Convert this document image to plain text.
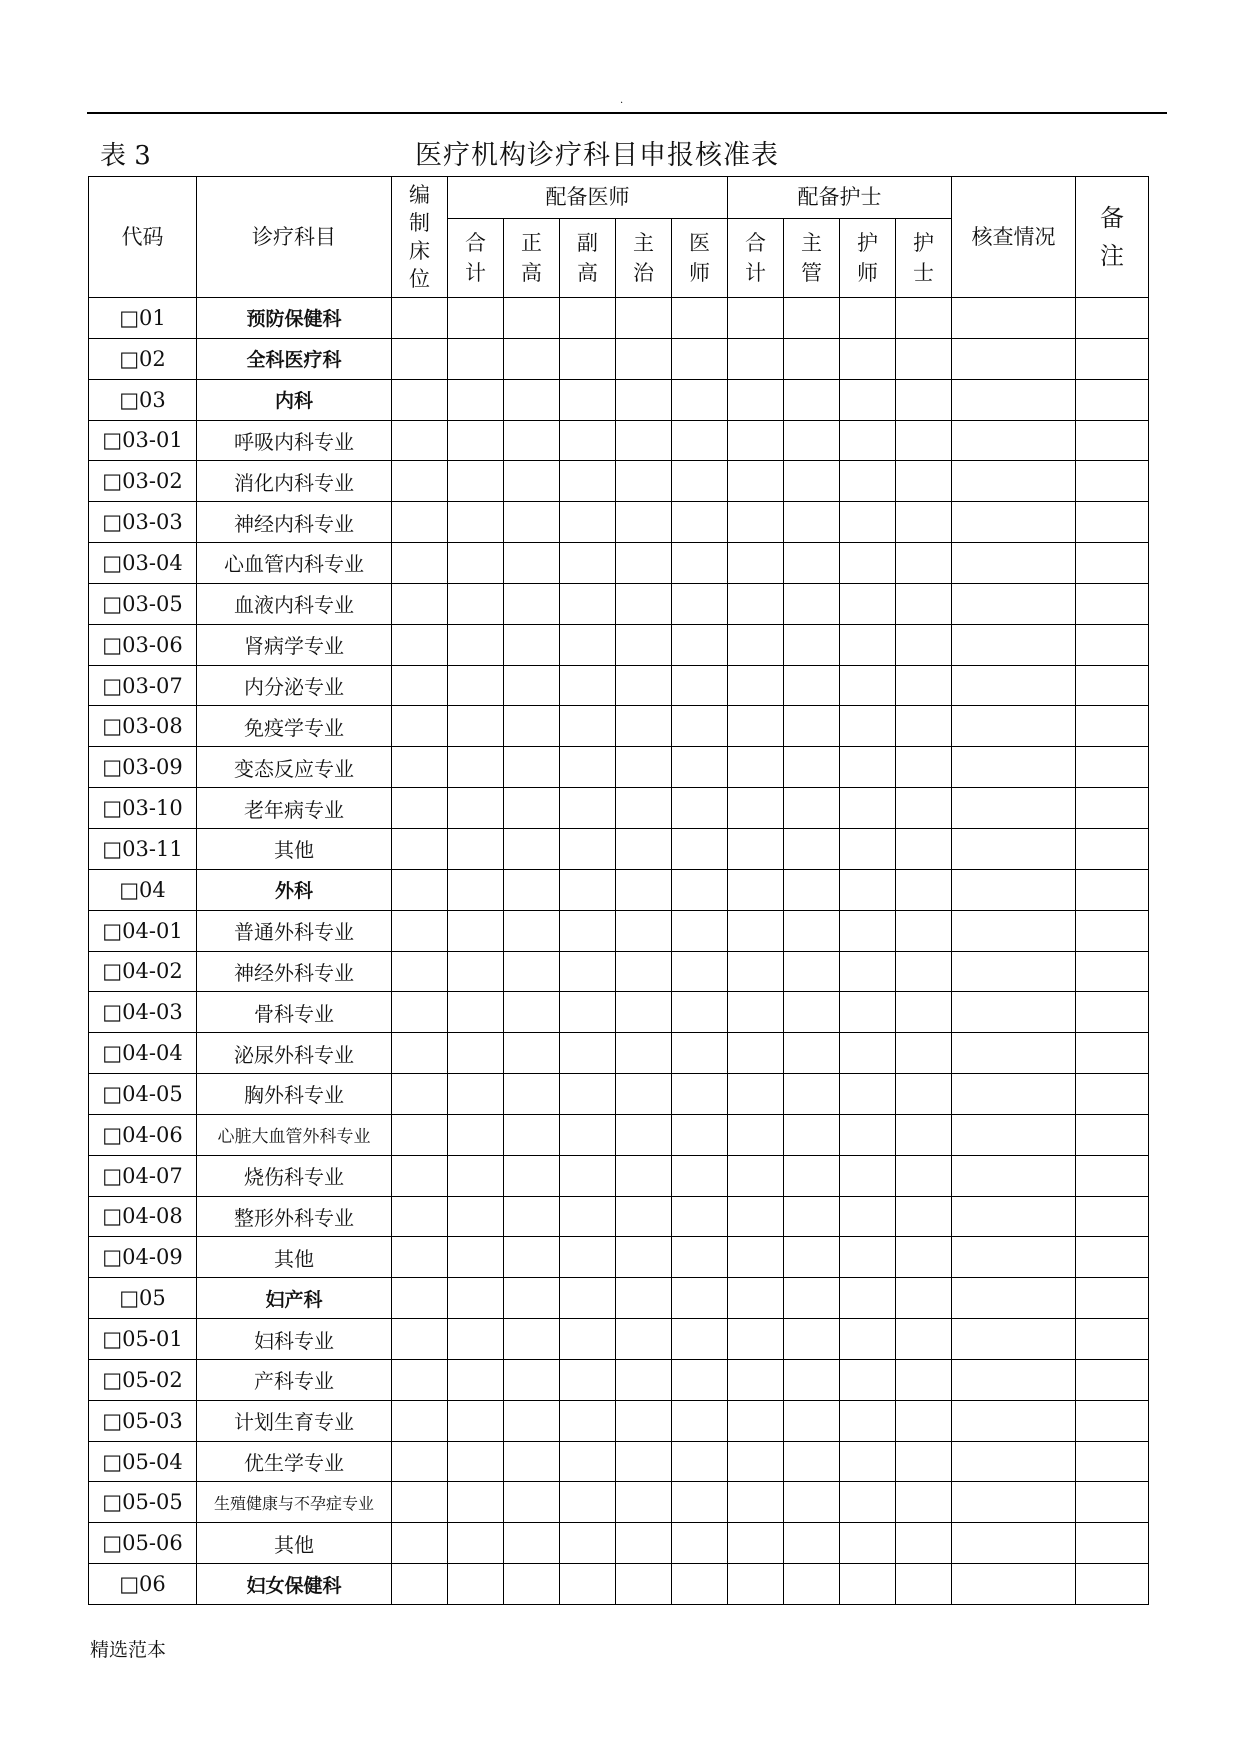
.
表 3	医疗机构诊疗科目申报核准表
代码	诊疗科目	编制床位	配备医师					配备护士				核查情况	备注
			合计	正高	副高	主治	医师	合计	主管	护师	护士		
□01	预防保健科												
□02	全科医疗科												
□03	内科												
□03-01	呼吸内科专业												
□03-02	消化内科专业												
□03-03	神经内科专业												
□03-04	心血管内科专业												
□03-05	血液内科专业												
□03-06	肾病学专业												
□03-07	内分泌专业												
□03-08	免疫学专业												
□03-09	变态反应专业												
□03-10	老年病专业												
□03-11	其他												
□04	外科												
□04-01	普通外科专业												
□04-02	神经外科专业												
□04-03	骨科专业												
□04-04	泌尿外科专业												
□04-05	胸外科专业												
□04-06	心脏大血管外科专业												
□04-07	烧伤科专业												
□04-08	整形外科专业												
□04-09	其他												
□05	妇产科												
□05-01	妇科专业												
□05-02	产科专业												
□05-03	计划生育专业												
□05-04	优生学专业												
□05-05	生殖健康与不孕症专业												
□05-06	其他												
□06	妇女保健科												
精选范本
